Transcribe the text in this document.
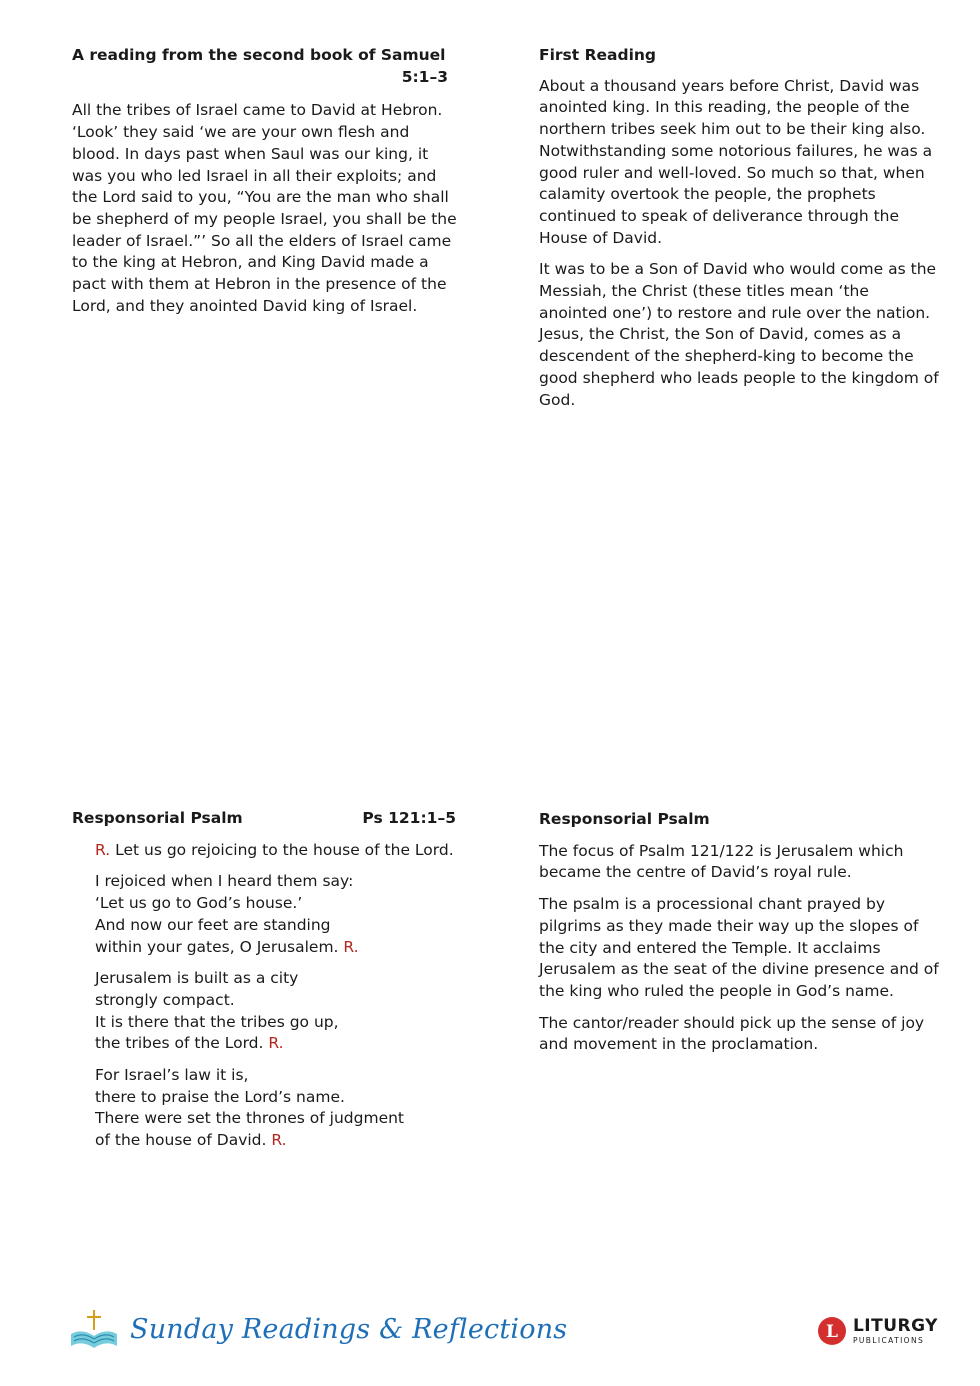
A reading from the second book of Samuel
5:1–3

All the tribes of Israel came to David at Hebron. ‘Look’ they said ‘we are your own flesh and blood. In days past when Saul was our king, it was you who led Israel in all their exploits; and the Lord said to you, “You are the man who shall be shepherd of my people Israel, you shall be the leader of Israel.”’ So all the elders of Israel came to the king at Hebron, and King David made a pact with them at Hebron in the presence of the Lord, and they anointed David king of Israel.

First Reading

About a thousand years before Christ, David was anointed king. In this reading, the people of the northern tribes seek him out to be their king also. Notwithstanding some notorious failures, he was a good ruler and well-loved. So much so that, when calamity overtook the people, the prophets continued to speak of deliverance through the House of David.

It was to be a Son of David who would come as the Messiah, the Christ (these titles mean ‘the anointed one’) to restore and rule over the nation. Jesus, the Christ, the Son of David, comes as a descendent of the shepherd-king to become the good shepherd who leads people to the kingdom of God.

Responsorial Psalm	Ps 121:1–5
R. Let us go rejoicing to the house of the Lord.
I rejoiced when I heard them say:
‘Let us go to God’s house.’
And now our feet are standing
within your gates, O Jerusalem. R.
Jerusalem is built as a city
strongly compact.
It is there that the tribes go up,
the tribes of the Lord. R.
For Israel’s law it is,
there to praise the Lord’s name.
There were set the thrones of judgment
of the house of David. R.
Responsorial Psalm

The focus of Psalm 121/122 is Jerusalem which became the centre of David’s royal rule.

The psalm is a processional chant prayed by pilgrims as they made their way up the slopes of the city and entered the Temple. It acclaims Jerusalem as the seat of the divine presence and of the king who ruled the people in God’s name.

The cantor/reader should pick up the sense of joy and movement in the proclamation.

Sunday Readings & Reflections	L LITURGY
PUBLICATIONS
